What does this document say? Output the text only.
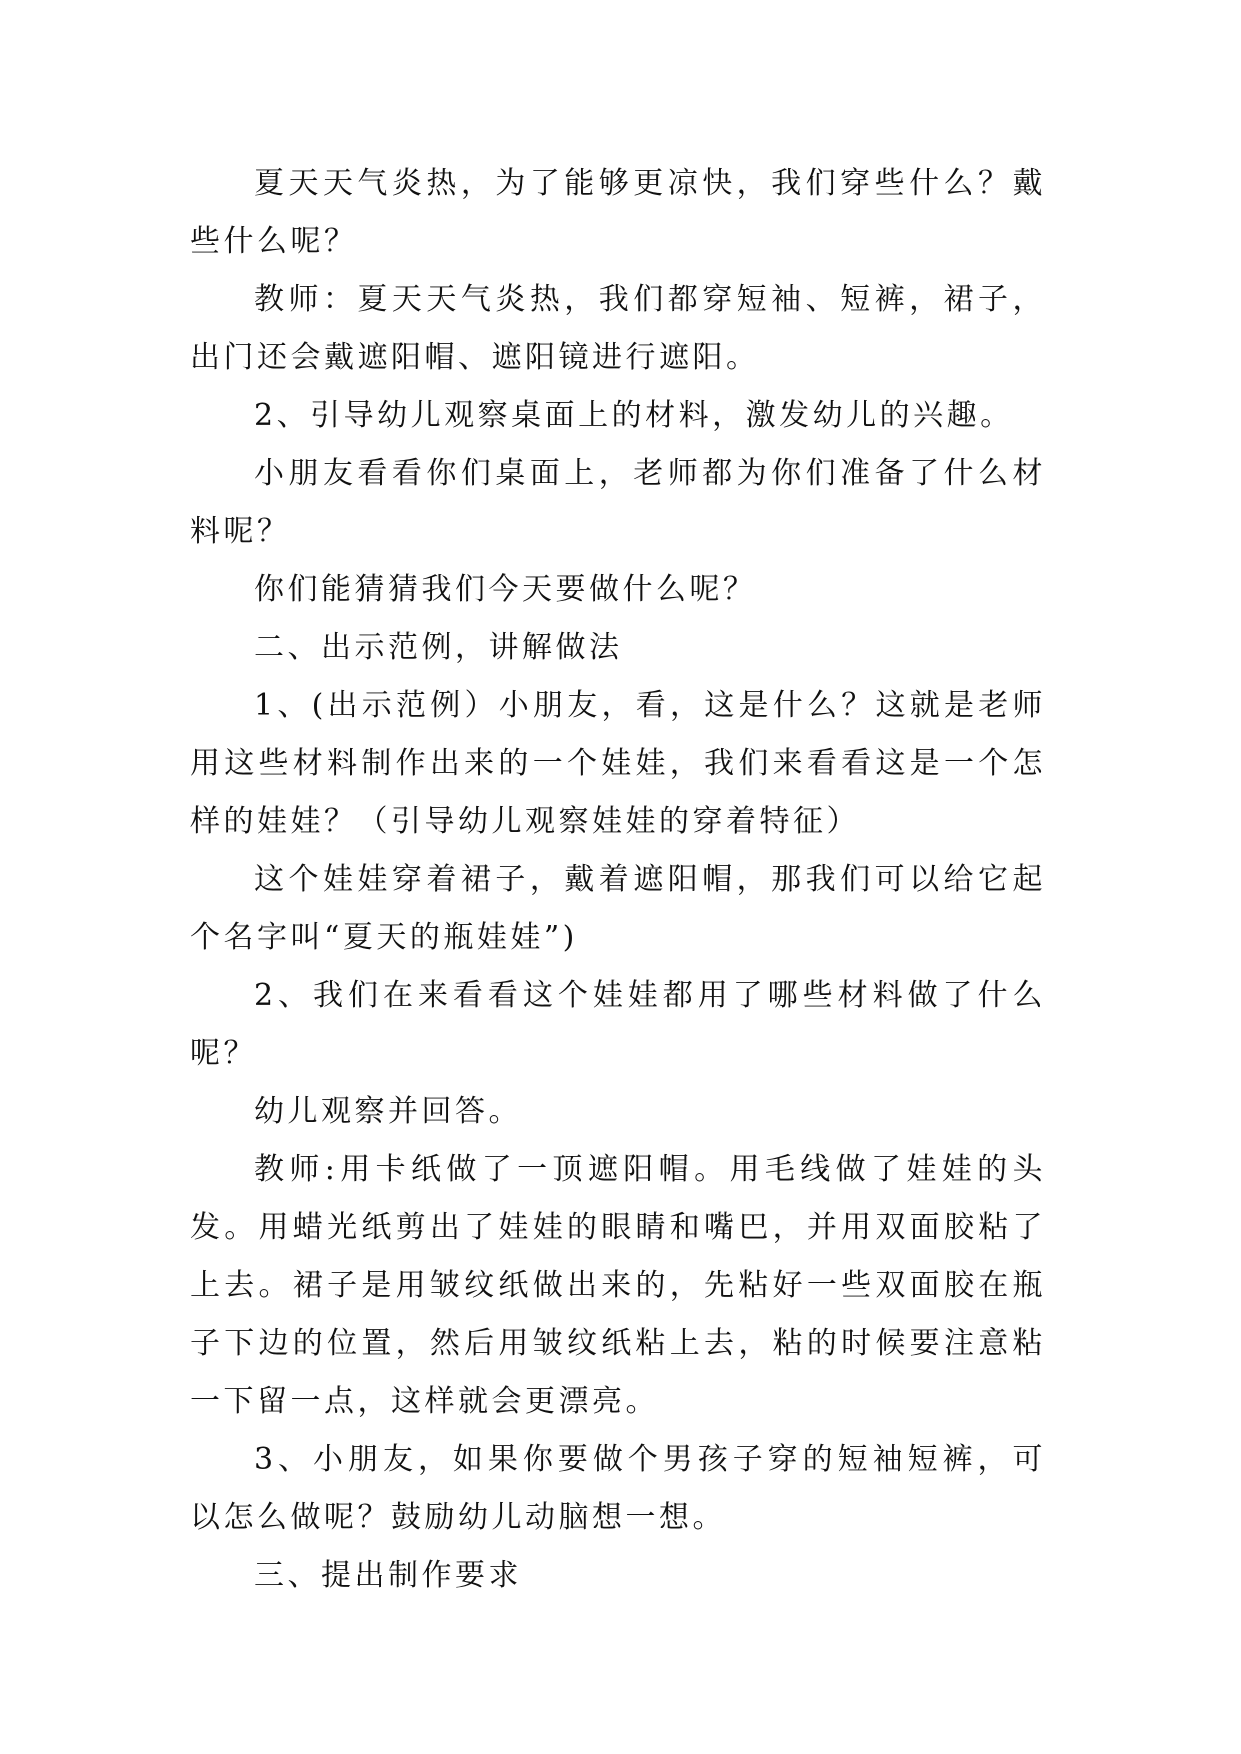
夏天天气炎热，为了能够更凉快，我们穿些什么？戴些什么呢？

教师：夏天天气炎热，我们都穿短袖、短裤，裙子，出门还会戴遮阳帽、遮阳镜进行遮阳。

2、引导幼儿观察桌面上的材料，激发幼儿的兴趣。

小朋友看看你们桌面上，老师都为你们准备了什么材料呢？

你们能猜猜我们今天要做什么呢？

二、出示范例，讲解做法

1、(出示范例）小朋友，看，这是什么？这就是老师用这些材料制作出来的一个娃娃，我们来看看这是一个怎样的娃娃？（引导幼儿观察娃娃的穿着特征）

这个娃娃穿着裙子，戴着遮阳帽，那我们可以给它起个名字叫“夏天的瓶娃娃”)

2、我们在来看看这个娃娃都用了哪些材料做了什么呢？

幼儿观察并回答。

教师:用卡纸做了一顶遮阳帽。用毛线做了娃娃的头发。用蜡光纸剪出了娃娃的眼睛和嘴巴，并用双面胶粘了上去。裙子是用皱纹纸做出来的，先粘好一些双面胶在瓶子下边的位置，然后用皱纹纸粘上去，粘的时候要注意粘一下留一点，这样就会更漂亮。

3、小朋友，如果你要做个男孩子穿的短袖短裤，可以怎么做呢？鼓励幼儿动脑想一想。

三、提出制作要求
